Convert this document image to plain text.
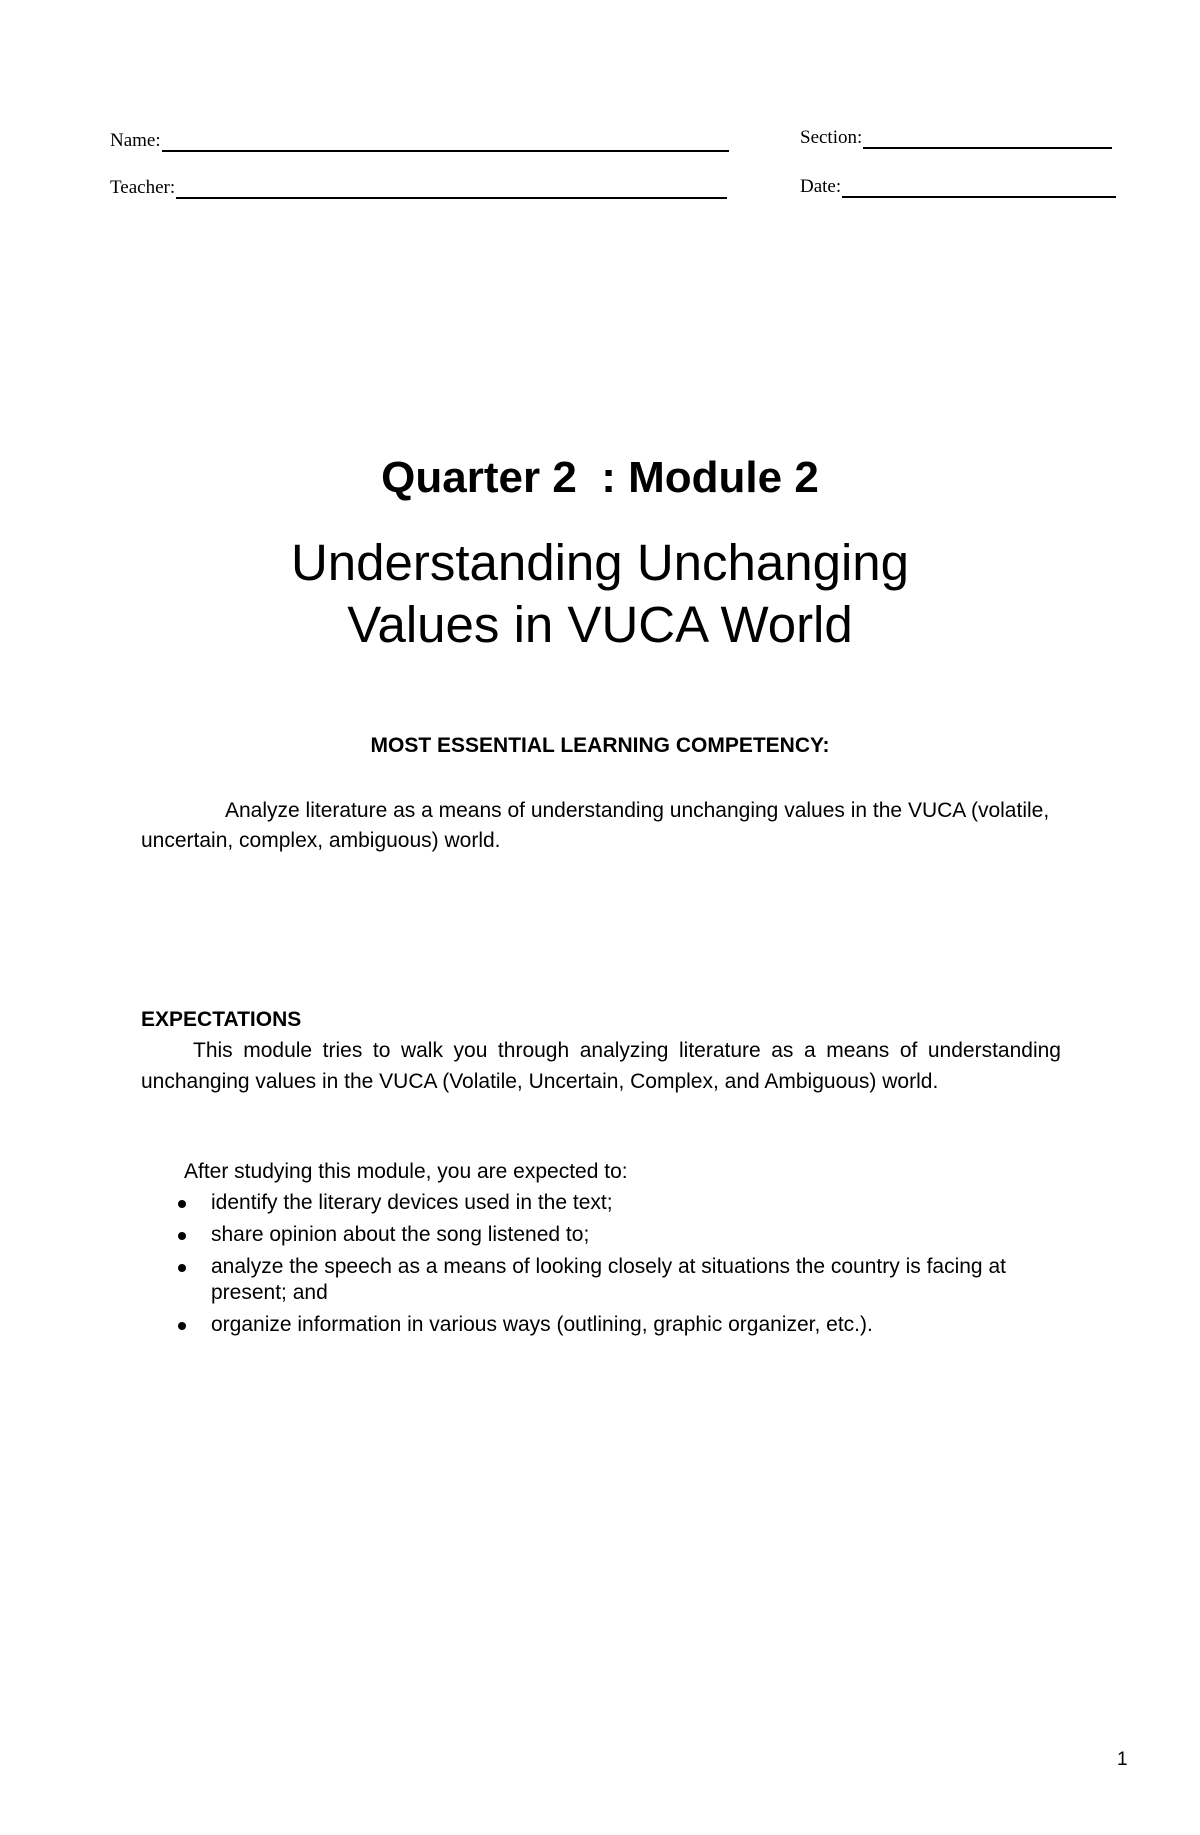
Name:
Teacher:
Section:
Date:
Quarter 2  : Module 2
Understanding Unchanging
Values in VUCA World
MOST ESSENTIAL LEARNING COMPETENCY:
Analyze literature as a means of understanding unchanging values in the VUCA (volatile, uncertain, complex, ambiguous) world.
EXPECTATIONS
This module tries to walk you through analyzing literature as a means of understanding unchanging values in the VUCA (Volatile, Uncertain, Complex, and Ambiguous) world.
After studying this module, you are expected to:
identify the literary devices used in the text;
share opinion about the song listened to;
analyze the speech as a means of looking closely at situations the country is facing at present; and
organize information in various ways (outlining, graphic organizer, etc.).
1
